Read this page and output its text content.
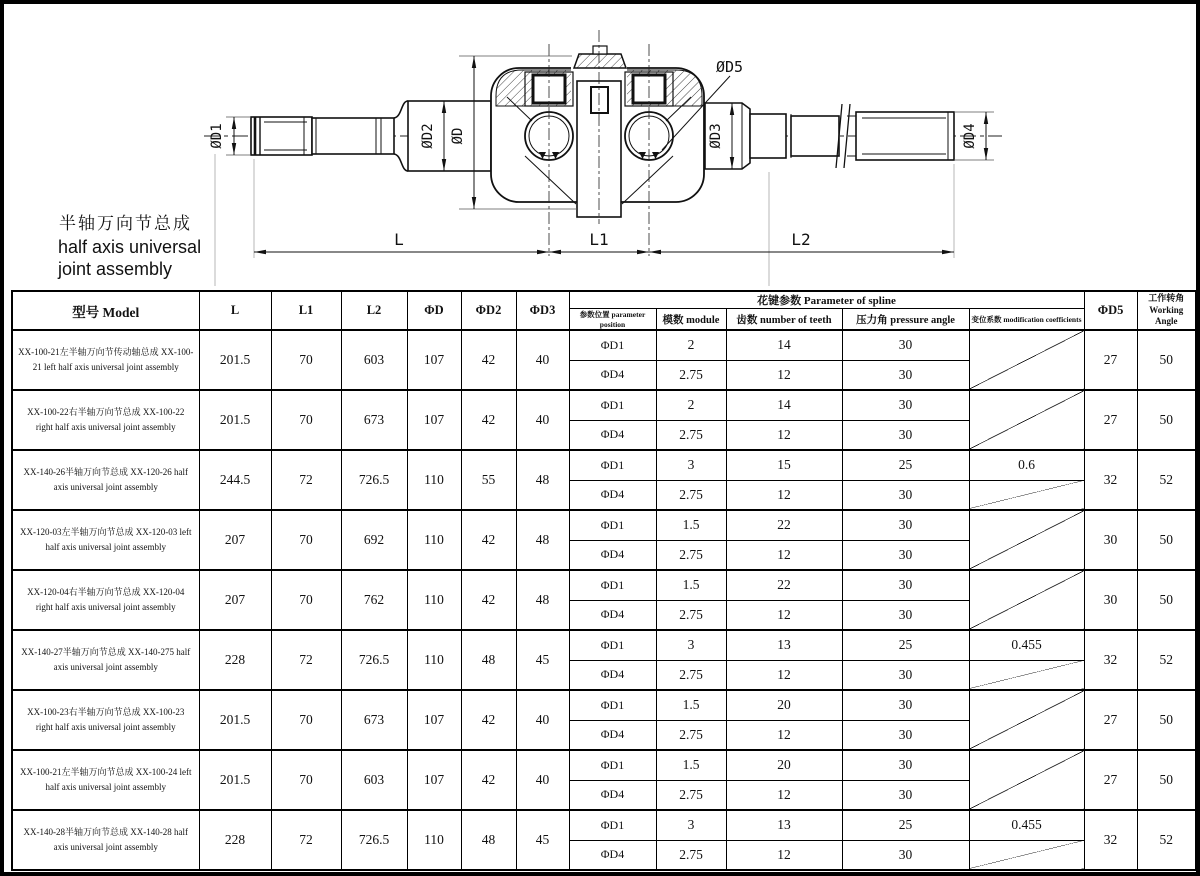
ØD1	ØD2 ØD	ØD3	ØD4
ØD5
L	L1	L2
半轴万向节总成
half axis universal
joint assembly
型号 Model	L	L1	L2	ΦD	ΦD2	ΦD3	花键参数 Parameter of spline					ΦD5	工作转角
Working Angle
							参数位置 parameter position	模数 module	齿数 number of teeth	压力角 pressure angle	变位系数 modification coefficients		
XX-100-21左半轴万向节传动轴总成 XX-100-21 left half axis universal joint assembly	201.5	70	603	107	42	40	ΦD1	2	14	30		27	50
							ΦD4	2.75	12	30			
XX-100-22右半轴万向节总成 XX-100-22 right half axis universal joint assembly	201.5	70	673	107	42	40	ΦD1	2	14	30		27	50
							ΦD4	2.75	12	30			
XX-140-26半轴万向节总成 XX-120-26 half axis universal joint assembly	244.5	72	726.5	110	55	48	ΦD1	3	15	25	0.6	32	52
							ΦD4	2.75	12	30			
XX-120-03左半轴万向节总成 XX-120-03 left half axis universal joint assembly	207	70	692	110	42	48	ΦD1	1.5	22	30		30	50
							ΦD4	2.75	12	30			
XX-120-04右半轴万向节总成 XX-120-04 right half axis universal joint assembly	207	70	762	110	42	48	ΦD1	1.5	22	30		30	50
							ΦD4	2.75	12	30			
XX-140-27半轴万向节总成 XX-140-275 half axis universal joint assembly	228	72	726.5	110	48	45	ΦD1	3	13	25	0.455	32	52
							ΦD4	2.75	12	30			
XX-100-23右半轴万向节总成 XX-100-23 right half axis universal joint assembly	201.5	70	673	107	42	40	ΦD1	1.5	20	30		27	50
							ΦD4	2.75	12	30			
XX-100-21左半轴万向节总成 XX-100-24 left half axis universal joint assembly	201.5	70	603	107	42	40	ΦD1	1.5	20	30		27	50
							ΦD4	2.75	12	30			
XX-140-28半轴万向节总成 XX-140-28 half axis universal joint assembly	228	72	726.5	110	48	45	ΦD1	3	13	25	0.455	32	52
							ΦD4	2.75	12	30			
